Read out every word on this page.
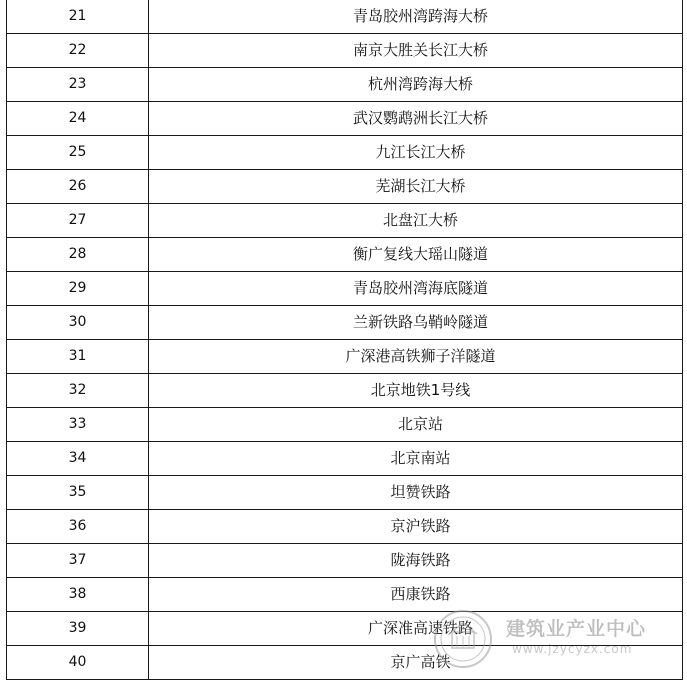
21	青岛胶州湾跨海大桥
22	南京大胜关长江大桥
23	杭州湾跨海大桥
24	武汉鹦鹉洲长江大桥
25	九江长江大桥
26	芜湖长江大桥
27	北盘江大桥
28	衡广复线大瑶山隧道
29	青岛胶州湾海底隧道
30	兰新铁路乌鞘岭隧道
31	广深港高铁狮子洋隧道
32	北京地铁1号线
33	北京站
34	北京南站
35	坦赞铁路
36	京沪铁路
37	陇海铁路
38	西康铁路
39	广深准高速铁路
40	京广高铁
建筑业产业中心
www.jzycyzx.com
